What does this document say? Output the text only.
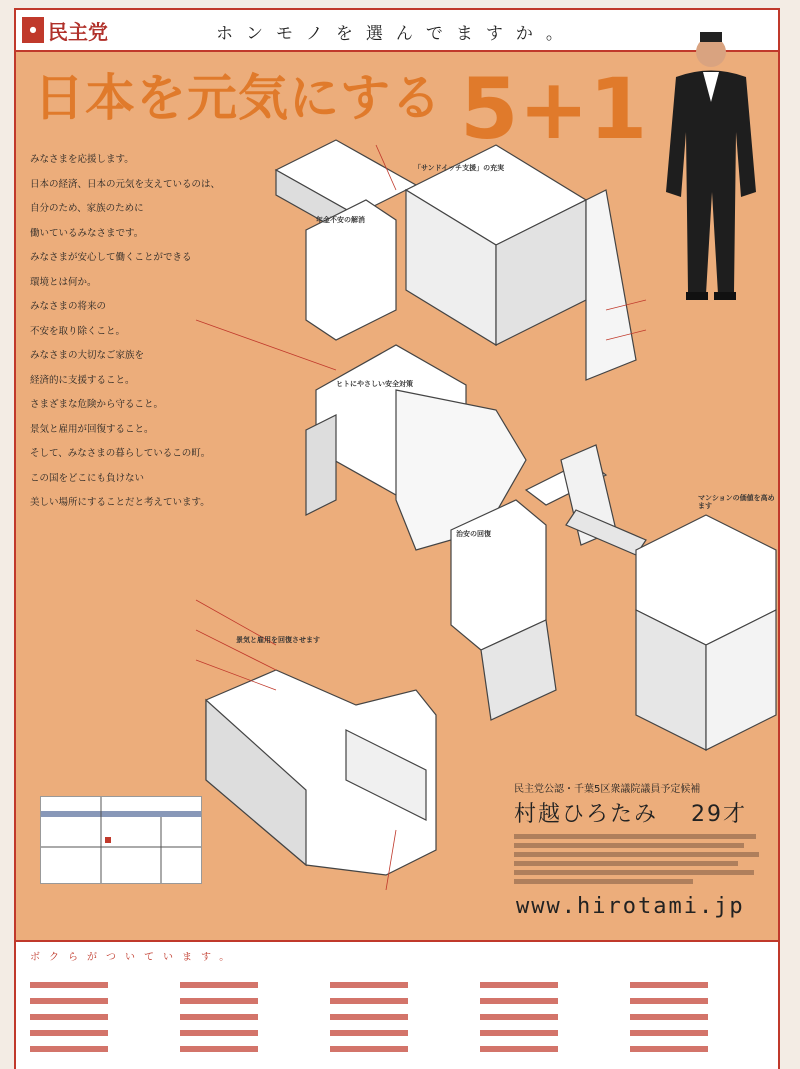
● 民主党	ホンモノを選んでますか。
日本を元気にする 5+1
みなさまを応援します。
日本の経済、日本の元気を支えているのは、
自分のため、家族のために
働いているみなさまです。
みなさまが安心して働くことができる
環境とは何か。
みなさまの将来の
不安を取り除くこと。
みなさまの大切なご家族を
経済的に支援すること。
さまざまな危険から守ること。
景気と雇用が回復すること。
そして、みなさまの暮らしているこの町。
この国をどこにも負けない
美しい場所にすることだと考えています。
「サンドイッチ支援」の充実
年金不安の解消
ヒトにやさしい安全対策
治安の回復
景気と雇用を回復させます
マンションの価値を高めます
民主党公認・千葉5区衆議院議員予定候補
村越ひろたみ 29才
www.hirotami.jp
ボクらがついています。
